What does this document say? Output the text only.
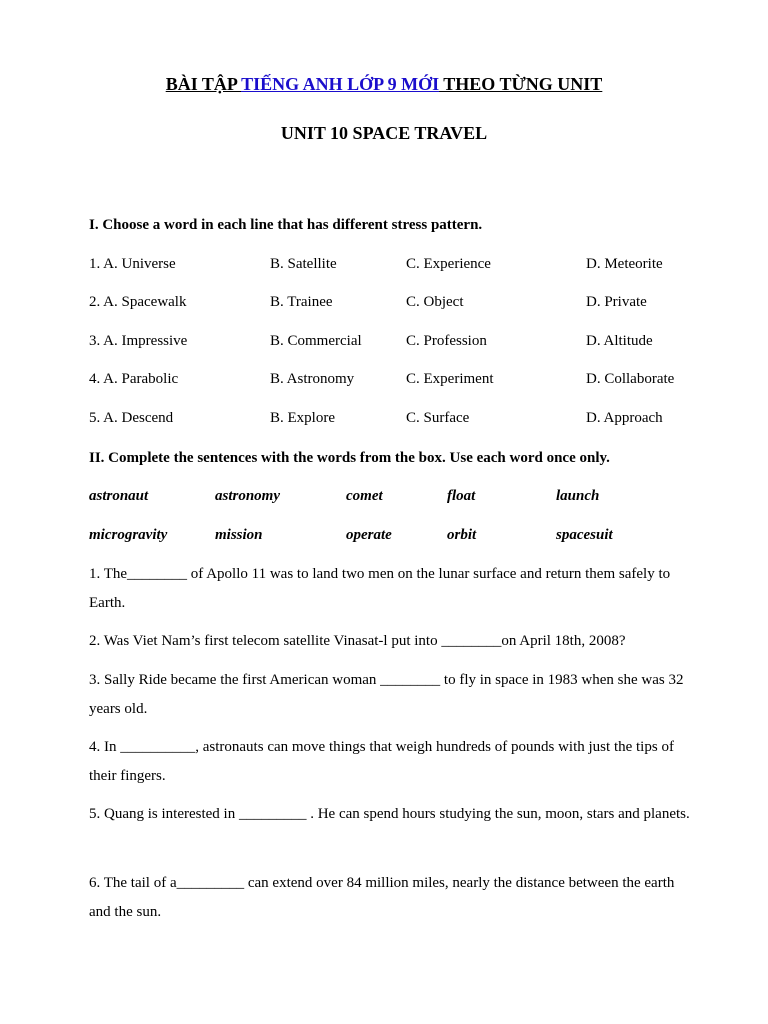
BÀI TẬP TIẾNG ANH LỚP 9 MỚI THEO TỪNG UNIT
UNIT 10 SPACE TRAVEL
I. Choose a word in each line that has different stress pattern.
1. A. Universe	B. Satellite	C. Experience	D. Meteorite
2. A. Spacewalk	B. Trainee	C. Object	D. Private
3. A. Impressive	B. Commercial	C. Profession	D. Altitude
4. A. Parabolic	B. Astronomy	C. Experiment	D. Collaborate
5. A. Descend	B. Explore	C. Surface	D. Approach
II. Complete the sentences with the words from the box. Use each word once only.
astronaut	astronomy	comet	float	launch
microgravity	mission	operate	orbit	spacesuit
1. The________ of Apollo 11 was to land two men on the lunar surface and return them safely to Earth.
2. Was Viet Nam’s first telecom satellite Vinasat-l put into ________on April 18th, 2008?
3. Sally Ride became the first American woman ________ to fly in space in 1983 when she was 32 years old.
4. In __________, astronauts can move things that weigh hundreds of pounds with just the tips of their fingers.
5. Quang is interested in _________ . He can spend hours studying the sun, moon, stars and planets.
6. The tail of a_________ can extend over 84 million miles, nearly the distance between the earth and the sun.
